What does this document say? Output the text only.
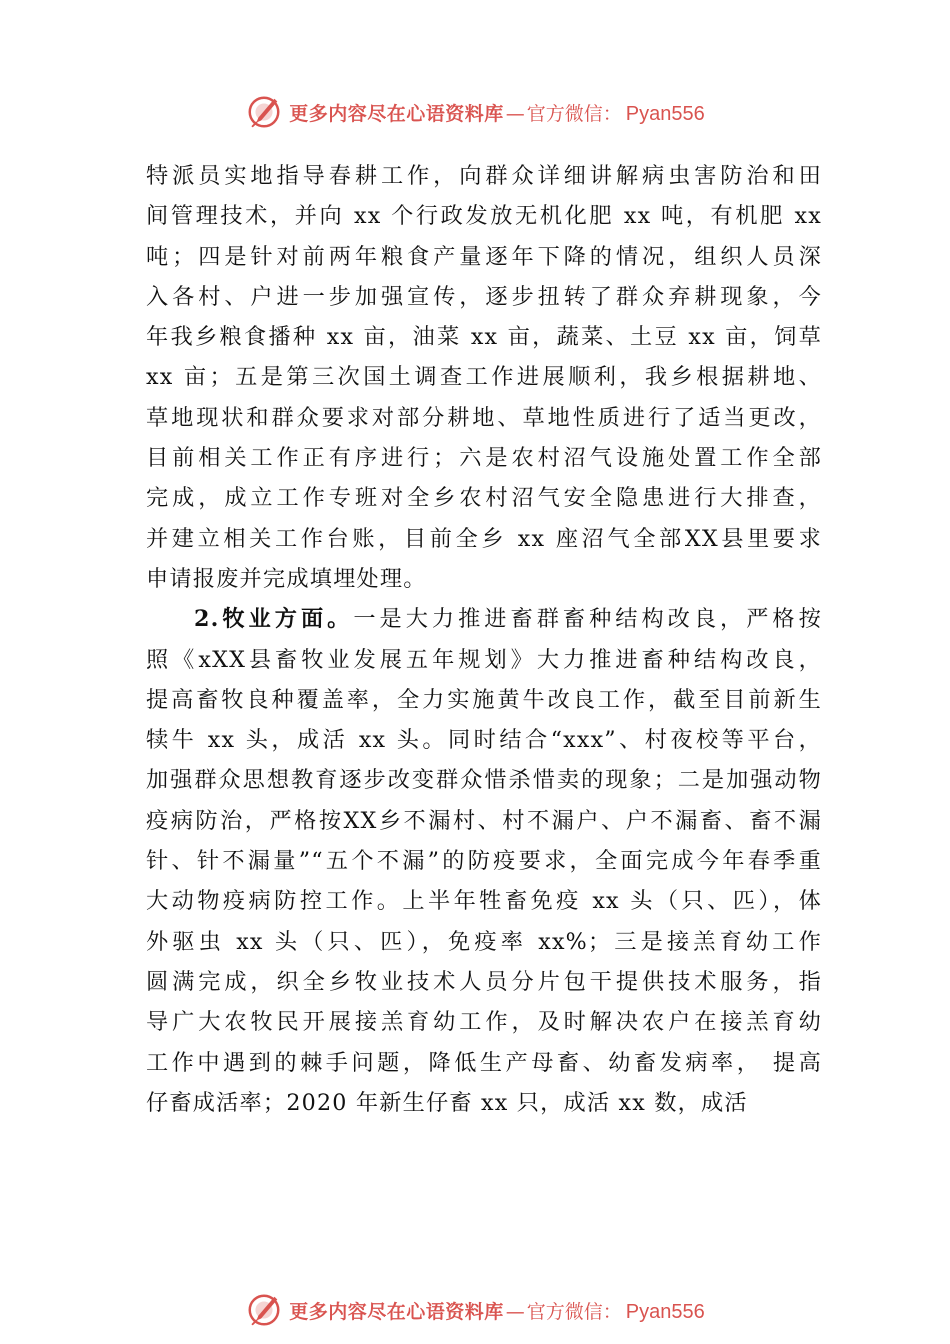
更多内容尽在心语资料库 — 官方微信： Pyan556
特派员实地指导春耕工作，向群众详细讲解病虫害防治和田
间管理技术，并向 xx 个行政发放无机化肥 xx 吨，有机肥 xx
吨；四是针对前两年粮食产量逐年下降的情况，组织人员深
入各村、户进一步加强宣传，逐步扭转了群众弃耕现象，今
年我乡粮食播种 xx 亩，油菜 xx 亩，蔬菜、土豆 xx 亩，饲草
xx 亩；五是第三次国土调查工作进展顺利，我乡根据耕地、
草地现状和群众要求对部分耕地、草地性质进行了适当更改，
目前相关工作正有序进行；六是农村沼气设施处置工作全部
完成，成立工作专班对全乡农村沼气安全隐患进行大排查，
并建立相关工作台账，目前全乡 xx 座沼气全部XX县里要求
申请报废并完成填埋处理。
2.牧业方面。一是大力推进畜群畜种结构改良，严格按
照《xXX县畜牧业发展五年规划》大力推进畜种结构改良，
提高畜牧良种覆盖率，全力实施黄牛改良工作，截至目前新生
犊牛 xx 头，成活 xx 头。同时结合“xxx”、村夜校等平台，
加强群众思想教育逐步改变群众惜杀惜卖的现象；二是加强动物
疫病防治，严格按XX乡不漏村、村不漏户、户不漏畜、畜不漏
针、针不漏量”“五个不漏”的防疫要求，全面完成今年春季重
大动物疫病防控工作。上半年牲畜免疫 xx 头（只、匹），体
外驱虫 xx 头（只、匹），免疫率 xx%；三是接羔育幼工作
圆满完成，织全乡牧业技术人员分片包干提供技术服务，指
导广大农牧民开展接羔育幼工作，及时解决农户在接羔育幼
工作中遇到的棘手问题，降低生产母畜、幼畜发病率， 提高
仔畜成活率；2020 年新生仔畜 xx 只，成活 xx 数，成活
更多内容尽在心语资料库 — 官方微信： Pyan556
